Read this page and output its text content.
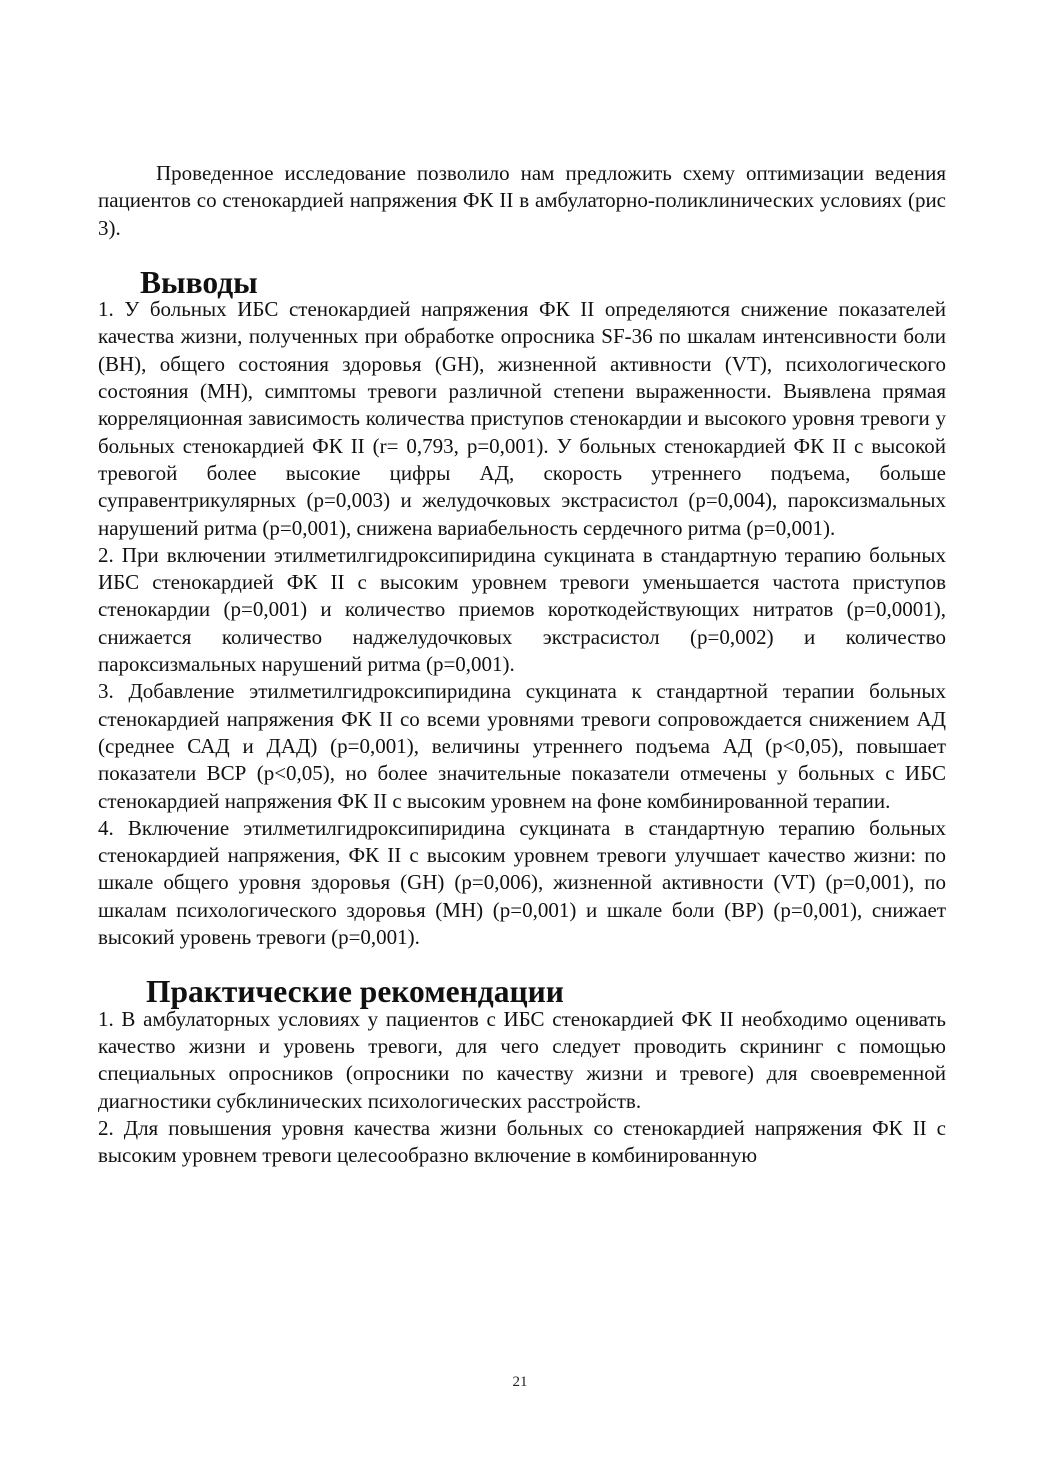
Проведенное исследование позволило нам предложить схему оптимизации ведения пациентов со стенокардией напряжения ФК II в амбулаторно-поликлинических условиях (рис 3).

Выводы

1. У больных ИБС стенокардией напряжения ФК II определяются снижение показателей качества жизни, полученных при обработке опросника SF-36 по шкалам интенсивности боли (BH), общего состояния здоровья (GH), жизненной активности (VT), психологического состояния (MH), симптомы тревоги различной степени выраженности. Выявлена прямая корреляционная зависимость количества приступов стенокардии и высокого уровня тревоги у больных стенокардией ФК II (r= 0,793, p=0,001). У больных стенокардией ФК II с высокой тревогой более высокие цифры АД, скорость утреннего подъема, больше суправентрикулярных (p=0,003) и желудочковых экстрасистол (p=0,004), пароксизмальных нарушений ритма (p=0,001), снижена вариабельность сердечного ритма (p=0,001).

2. При включении этилметилгидроксипиридина сукцината в стандартную терапию больных ИБС стенокардией ФК II с высоким уровнем тревоги уменьшается частота приступов стенокардии (p=0,001) и количество приемов короткодействующих нитратов (p=0,0001), снижается количество наджелудочковых экстрасистол (p=0,002) и количество пароксизмальных нарушений ритма (p=0,001).

3. Добавление этилметилгидроксипиридина сукцината к стандартной терапии больных стенокардией напряжения ФК II со всеми уровнями тревоги сопровождается снижением АД (среднее САД и ДАД) (p=0,001), величины утреннего подъема АД (p<0,05), повышает показатели ВСР (p<0,05), но более значительные показатели отмечены у больных с ИБС стенокардией напряжения ФК II с высоким уровнем на фоне комбинированной терапии.

4. Включение этилметилгидроксипиридина сукцината в стандартную терапию больных стенокардией напряжения, ФК II с высоким уровнем тревоги улучшает качество жизни: по шкале общего уровня здоровья (GH) (p=0,006), жизненной активности (VT) (p=0,001), по шкалам психологического здоровья (MH) (p=0,001) и шкале боли (BP) (p=0,001), снижает высокий уровень тревоги (p=0,001).

Практические рекомендации

1. В амбулаторных условиях у пациентов с ИБС стенокардией ФК II необходимо оценивать качество жизни и уровень тревоги, для чего следует проводить скрининг с помощью специальных опросников (опросники по качеству жизни и тревоге) для своевременной диагностики субклинических психологических расстройств.

2. Для повышения уровня качества жизни больных со стенокардией напряжения ФК II с высоким уровнем тревоги целесообразно включение в комбинированную

21
